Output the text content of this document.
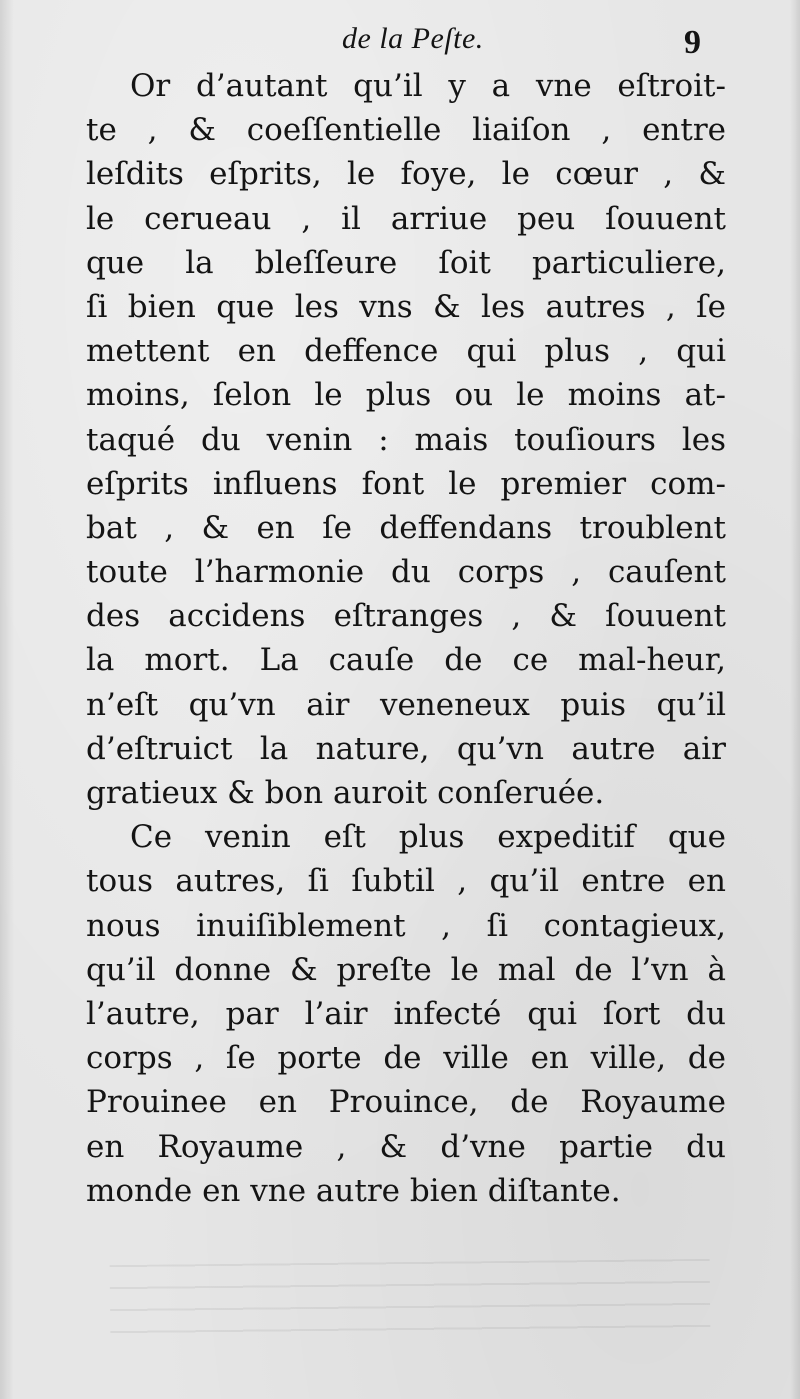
de la Peſte.	9
Or d’autant qu’il y a vne eſtroit-
te , & coeſſentielle liaiſon , entre
leſdits eſprits, le foye, le cœur , &
le cerueau , il arriue peu ſouuent
que la bleſſeure ſoit particuliere,
ſi bien que les vns & les autres , ſe
mettent en deffence qui plus , qui
moins, ſelon le plus ou le moins at-
taqué du venin : mais touſiours les
eſprits influens font le premier com-
bat , & en ſe deffendans troublent
toute l’harmonie du corps , cauſent
des accidens eſtranges , & ſouuent
la mort. La cauſe de ce mal-heur,
n’eſt qu’vn air veneneux puis qu’il
d’eſtruict la nature, qu’vn autre air
gratieux & bon auroit conſeruée.
Ce venin eſt plus expeditif que
tous autres, ſi ſubtil , qu’il entre en
nous inuiſiblement , ſi contagieux,
qu’il donne & preſte le mal de l’vn à
l’autre, par l’air infecté qui ſort du
corps , ſe porte de ville en ville, de
Prouinee en Prouince, de Royaume
en Royaume , & d’vne partie du
monde en vne autre bien diſtante.
